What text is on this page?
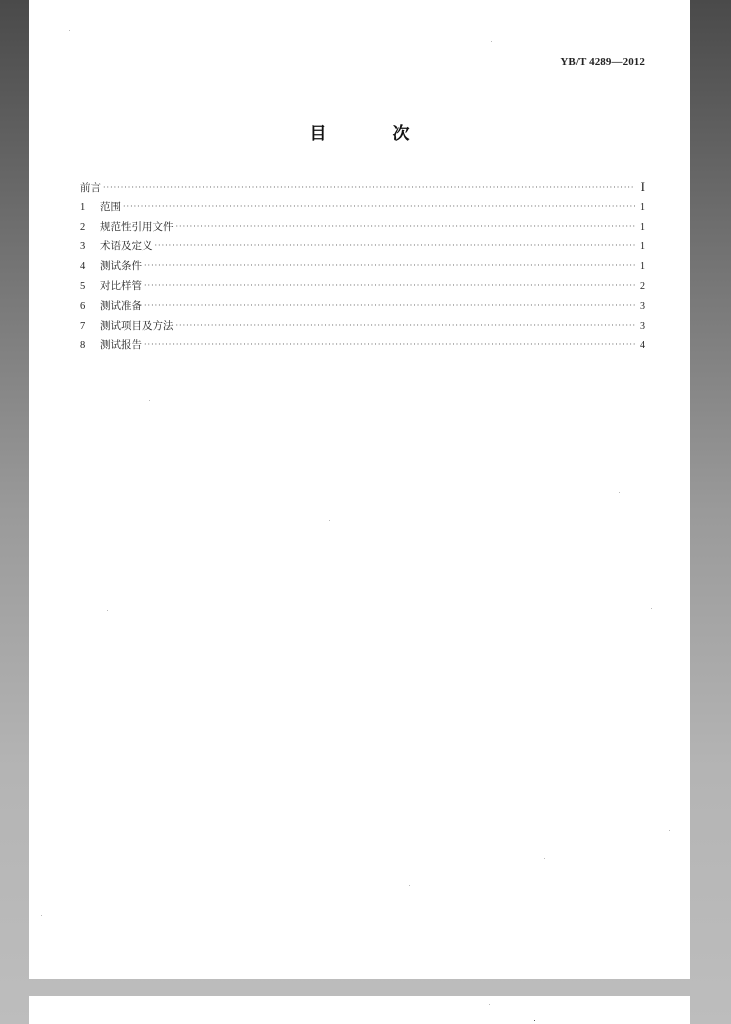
YB/T 4289—2012
目 次
前言 ·····	I
1	范围 ·····	1
2	规范性引用文件 ·····	1
3	术语及定义 ·····	1
4	测试条件 ·····	1
5	对比样管 ·····	2
6	测试准备 ·····	3
7	测试项目及方法 ·····	3
8	测试报告 ·····	4
